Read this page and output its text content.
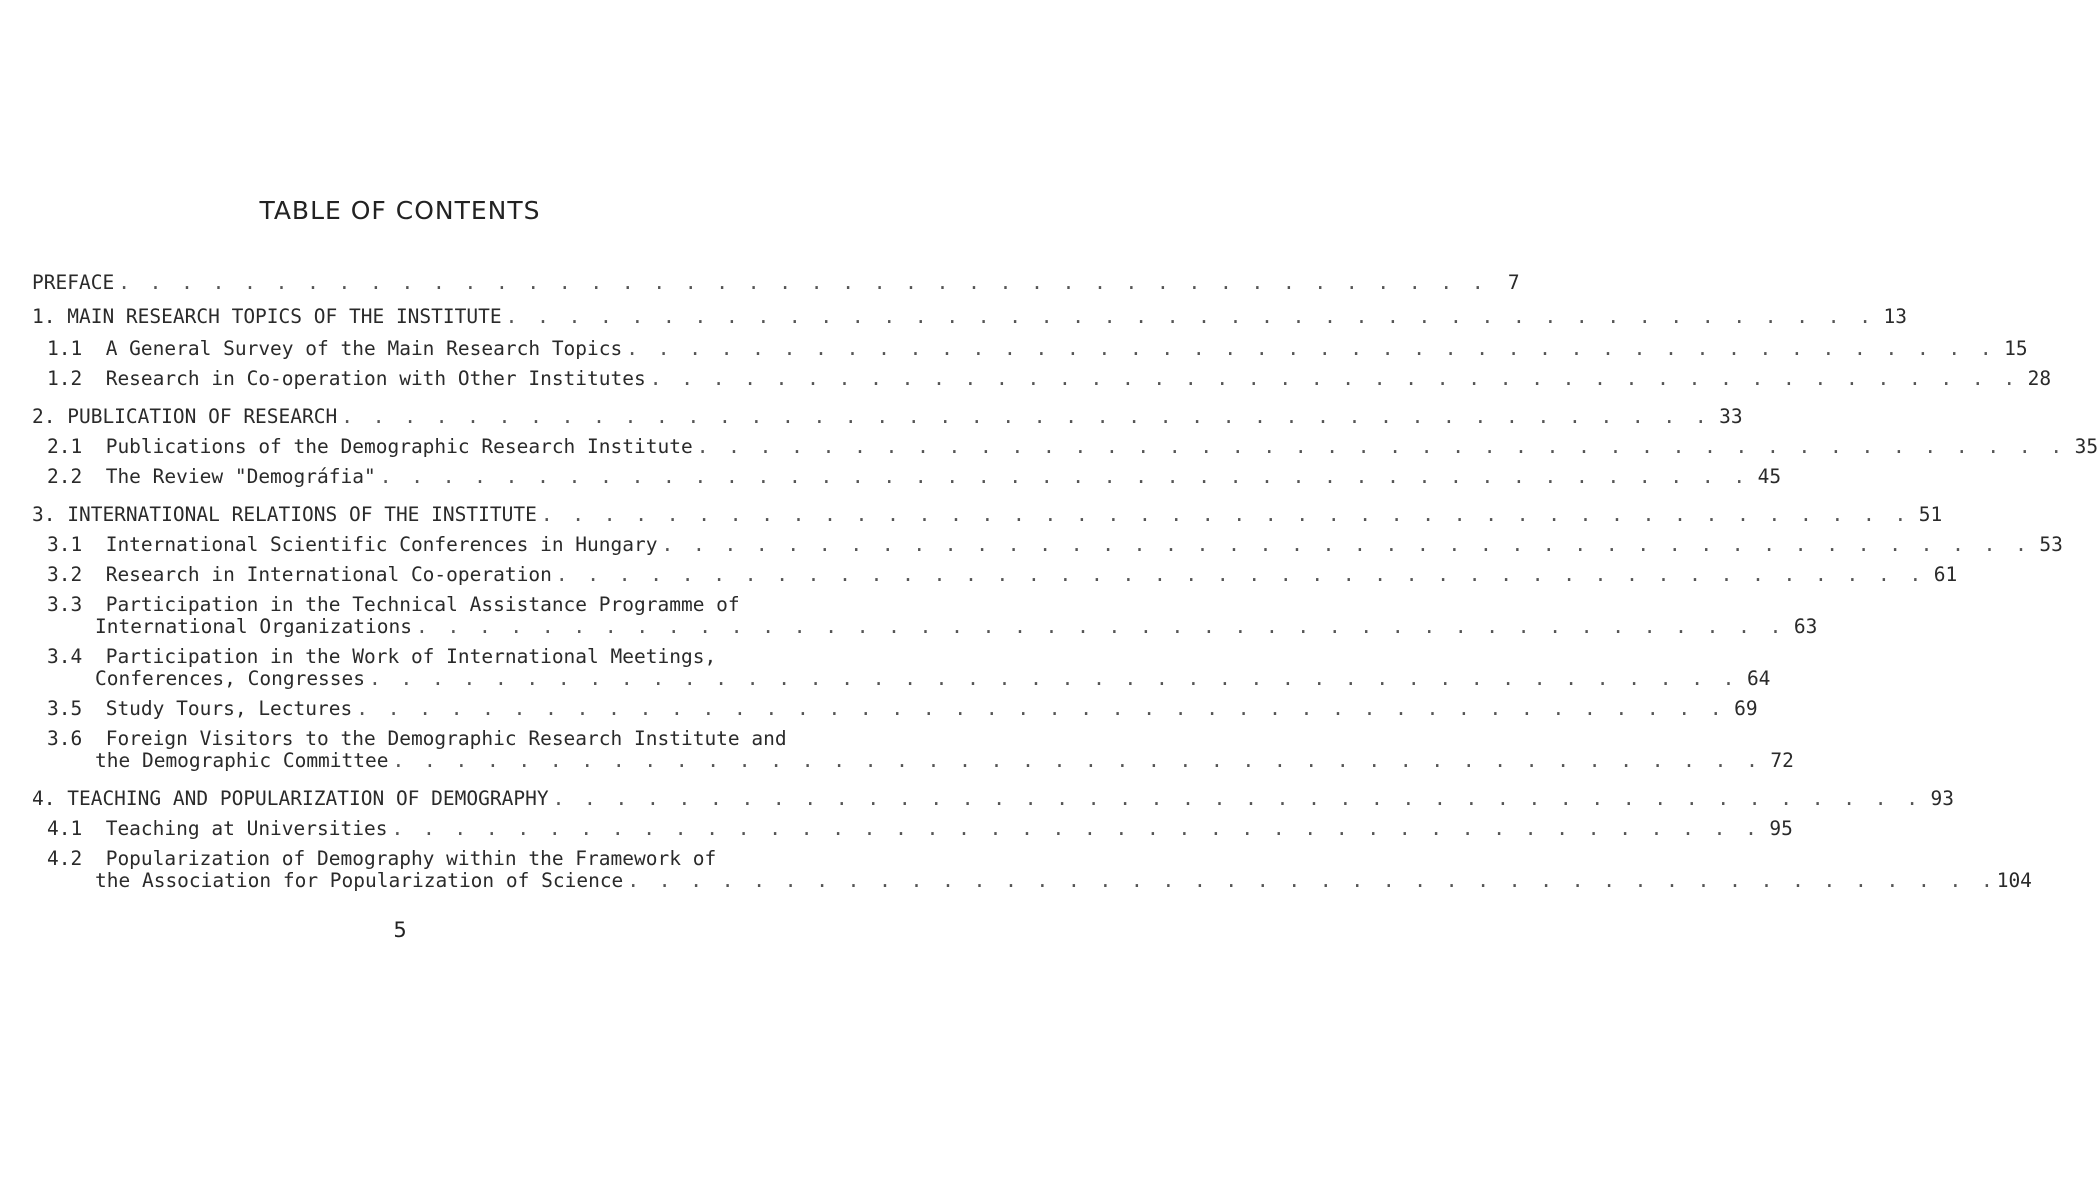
TABLE OF CONTENTS
PREFACE . . . . . . . . . . . . . . . . . . . . . . . . . . . . . . . . . . . . . . . . . . . .	7
1. MAIN RESEARCH TOPICS OF THE INSTITUTE . . . . . . . . . . . . . . . . . . . . . . . . . . . . . . . . . . . . . . . . . . . . 13
1.1  A General Survey of the Main Research Topics . . . . . . . . . . . . . . . . . . . . . . . . . . . . . . . . . . . . . . . . . . . . 15
1.2  Research in Co-operation with Other Institutes . . . . . . . . . . . . . . . . . . . . . . . . . . . . . . . . . . . . . . . . . . . . 28
2. PUBLICATION OF RESEARCH . . . . . . . . . . . . . . . . . . . . . . . . . . . . . . . . . . . . . . . . . . . . 33
2.1  Publications of the Demographic Research Institute . . . . . . . . . . . . . . . . . . . . . . . . . . . . . . . . . . . . . . . . . . . . 35
2.2  The Review "Demográfia" . . . . . . . . . . . . . . . . . . . . . . . . . . . . . . . . . . . . . . . . . . . . 45
3. INTERNATIONAL RELATIONS OF THE INSTITUTE . . . . . . . . . . . . . . . . . . . . . . . . . . . . . . . . . . . . . . . . . . . . 51
3.1  International Scientific Conferences in Hungary . . . . . . . . . . . . . . . . . . . . . . . . . . . . . . . . . . . . . . . . . . . . 53
3.2  Research in International Co-operation . . . . . . . . . . . . . . . . . . . . . . . . . . . . . . . . . . . . . . . . . . . . 61
3.3  Participation in the Technical Assistance Programme of
International Organizations . . . . . . . . . . . . . . . . . . . . . . . . . . . . . . . . . . . . . . . . . . . . 63
3.4  Participation in the Work of International Meetings,
Conferences, Congresses . . . . . . . . . . . . . . . . . . . . . . . . . . . . . . . . . . . . . . . . . . . . 64
3.5  Study Tours, Lectures . . . . . . . . . . . . . . . . . . . . . . . . . . . . . . . . . . . . . . . . . . . . 69
3.6  Foreign Visitors to the Demographic Research Institute and
the Demographic Committee . . . . . . . . . . . . . . . . . . . . . . . . . . . . . . . . . . . . . . . . . . . . 72
4. TEACHING AND POPULARIZATION OF DEMOGRAPHY . . . . . . . . . . . . . . . . . . . . . . . . . . . . . . . . . . . . . . . . . . . . 93
4.1  Teaching at Universities . . . . . . . . . . . . . . . . . . . . . . . . . . . . . . . . . . . . . . . . . . . . 95
4.2  Popularization of Demography within the Framework of
the Association for Popularization of Science . . . . . . . . . . . . . . . . . . . . . . . . . . . . . . . . . . . . . . . . . . . . 104
5
